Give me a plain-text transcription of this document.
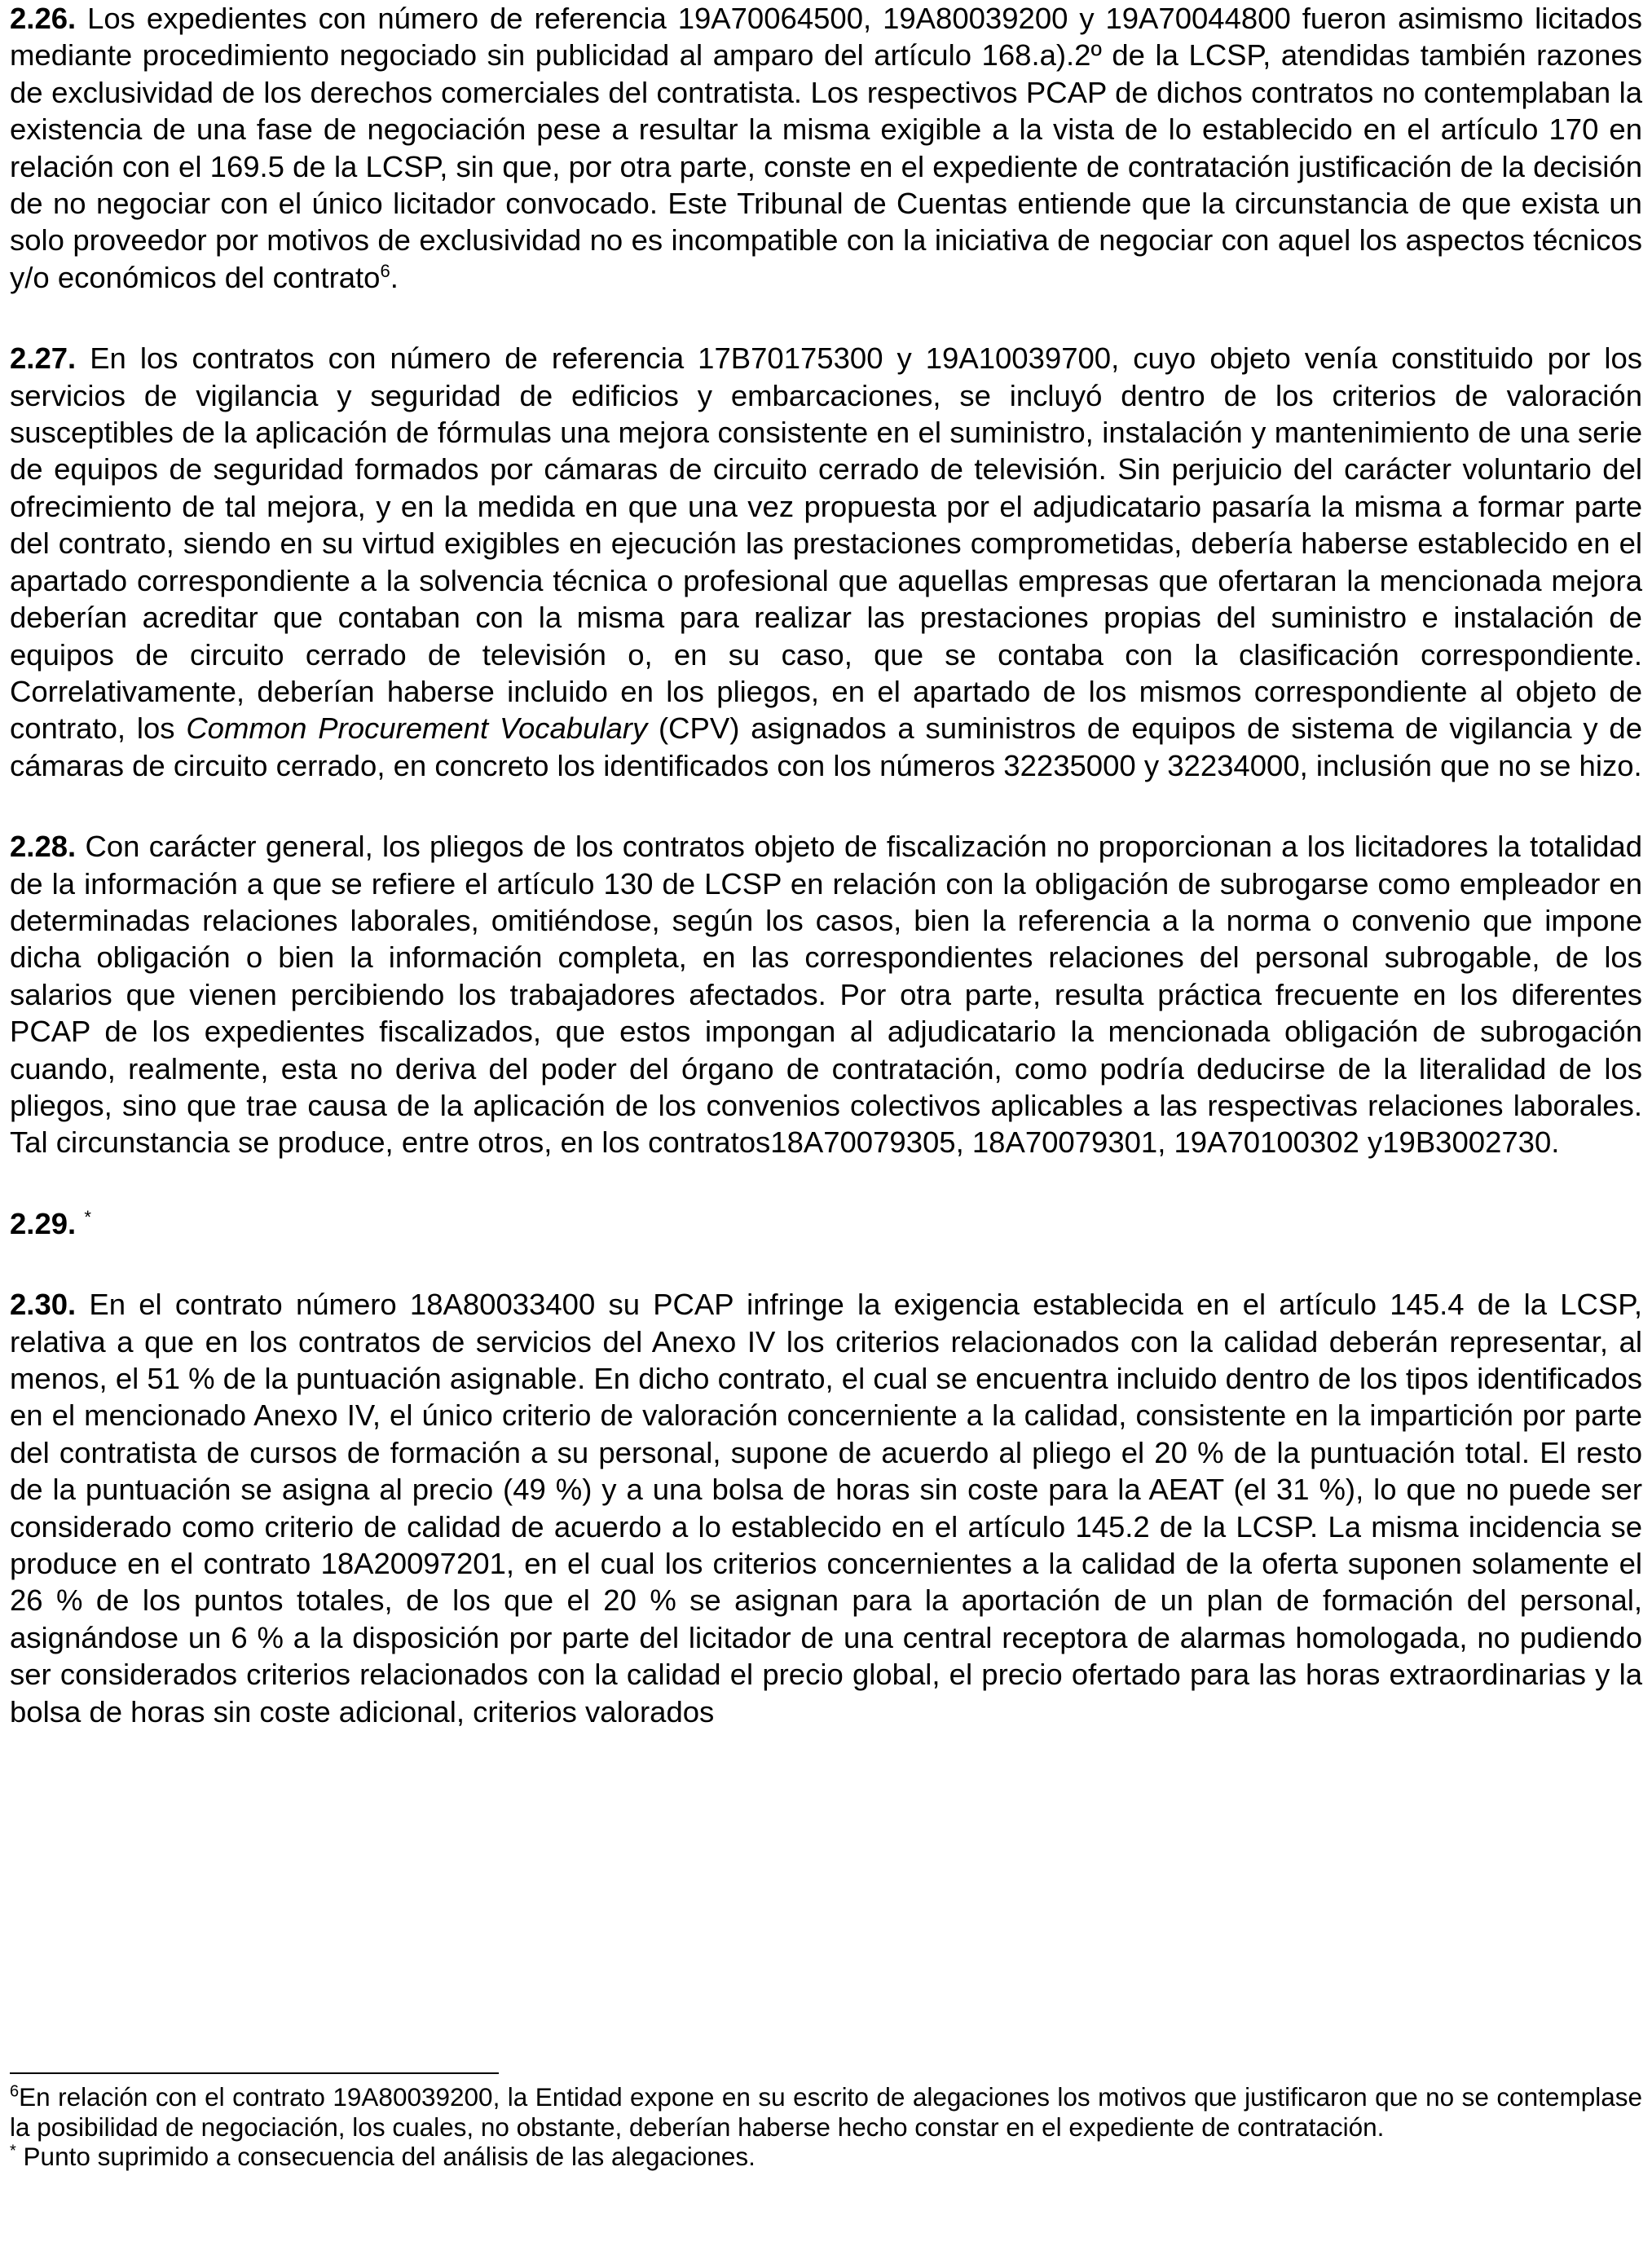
2.26. Los expedientes con número de referencia 19A70064500, 19A80039200 y 19A70044800 fueron asimismo licitados mediante procedimiento negociado sin publicidad al amparo del artículo 168.a).2º de la LCSP, atendidas también razones de exclusividad de los derechos comerciales del contratista. Los respectivos PCAP de dichos contratos no contemplaban la existencia de una fase de negociación pese a resultar la misma exigible a la vista de lo establecido en el artículo 170 en relación con el 169.5 de la LCSP, sin que, por otra parte, conste en el expediente de contratación justificación de la decisión de no negociar con el único licitador convocado. Este Tribunal de Cuentas entiende que la circunstancia de que exista un solo proveedor por motivos de exclusividad no es incompatible con la iniciativa de negociar con aquel los aspectos técnicos y/o económicos del contrato$^6$.

2.27. En los contratos con número de referencia 17B70175300 y 19A10039700, cuyo objeto venía constituido por los servicios de vigilancia y seguridad de edificios y embarcaciones, se incluyó dentro de los criterios de valoración susceptibles de la aplicación de fórmulas una mejora consistente en el suministro, instalación y mantenimiento de una serie de equipos de seguridad formados por cámaras de circuito cerrado de televisión. Sin perjuicio del carácter voluntario del ofrecimiento de tal mejora, y en la medida en que una vez propuesta por el adjudicatario pasaría la misma a formar parte del contrato, siendo en su virtud exigibles en ejecución las prestaciones comprometidas, debería haberse establecido en el apartado correspondiente a la solvencia técnica o profesional que aquellas empresas que ofertaran la mencionada mejora deberían acreditar que contaban con la misma para realizar las prestaciones propias del suministro e instalación de equipos de circuito cerrado de televisión o, en su caso, que se contaba con la clasificación correspondiente. Correlativamente, deberían haberse incluido en los pliegos, en el apartado de los mismos correspondiente al objeto de contrato, los Common Procurement Vocabulary (CPV) asignados a suministros de equipos de sistema de vigilancia y de cámaras de circuito cerrado, en concreto los identificados con los números 32235000 y 32234000, inclusión que no se hizo.

2.28. Con carácter general, los pliegos de los contratos objeto de fiscalización no proporcionan a los licitadores la totalidad de la información a que se refiere el artículo 130 de LCSP en relación con la obligación de subrogarse como empleador en determinadas relaciones laborales, omitiéndose, según los casos, bien la referencia a la norma o convenio que impone dicha obligación o bien la información completa, en las correspondientes relaciones del personal subrogable, de los salarios que vienen percibiendo los trabajadores afectados. Por otra parte, resulta práctica frecuente en los diferentes PCAP de los expedientes fiscalizados, que estos impongan al adjudicatario la mencionada obligación de subrogación cuando, realmente, esta no deriva del poder del órgano de contratación, como podría deducirse de la literalidad de los pliegos, sino que trae causa de la aplicación de los convenios colectivos aplicables a las respectivas relaciones laborales. Tal circunstancia se produce, entre otros, en los contratos18A70079305, 18A70079301, 19A70100302 y19B3002730.

2.29. *

2.30. En el contrato número 18A80033400 su PCAP infringe la exigencia establecida en el artículo 145.4 de la LCSP, relativa a que en los contratos de servicios del Anexo IV los criterios relacionados con la calidad deberán representar, al menos, el 51 % de la puntuación asignable. En dicho contrato, el cual se encuentra incluido dentro de los tipos identificados en el mencionado Anexo IV, el único criterio de valoración concerniente a la calidad, consistente en la impartición por parte del contratista de cursos de formación a su personal, supone de acuerdo al pliego el 20 % de la puntuación total. El resto de la puntuación se asigna al precio (49 %) y a una bolsa de horas sin coste para la AEAT (el 31 %), lo que no puede ser considerado como criterio de calidad de acuerdo a lo establecido en el artículo 145.2 de la LCSP. La misma incidencia se produce en el contrato 18A20097201, en el cual los criterios concernientes a la calidad de la oferta suponen solamente el 26 % de los puntos totales, de los que el 20 % se asignan para la aportación de un plan de formación del personal, asignándose un 6 % a la disposición por parte del licitador de una central receptora de alarmas homologada, no pudiendo ser considerados criterios relacionados con la calidad el precio global, el precio ofertado para las horas extraordinarias y la bolsa de horas sin coste adicional, criterios valorados

$^6$En relación con el contrato 19A80039200, la Entidad expone en su escrito de alegaciones los motivos que justificaron que no se contemplase la posibilidad de negociación, los cuales, no obstante, deberían haberse hecho constar en el expediente de contratación.

* Punto suprimido a consecuencia del análisis de las alegaciones.
